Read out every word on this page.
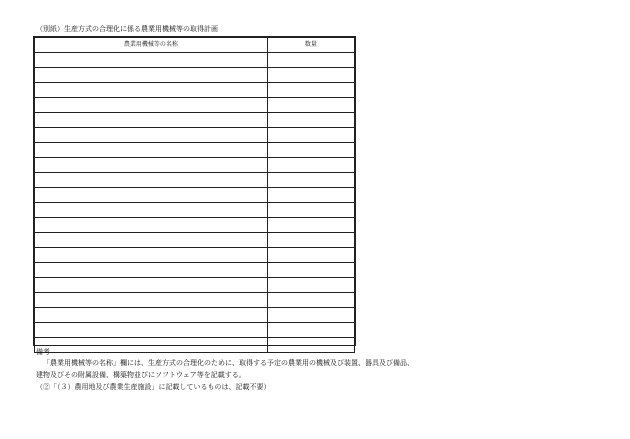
（別紙）生産方式の合理化に係る農業用機械等の取得計画
農業用機械等の名称	数量

備考
「農業用機械等の名称」欄には、生産方式の合理化のために、取得する予定の農業用の機械及び装置、器具及び備品、
建物及びその附属設備、構築物並びにソフトウェア等を記載する。
（②「（３）農用地及び農業生産施設」に記載しているものは、記載不要）
